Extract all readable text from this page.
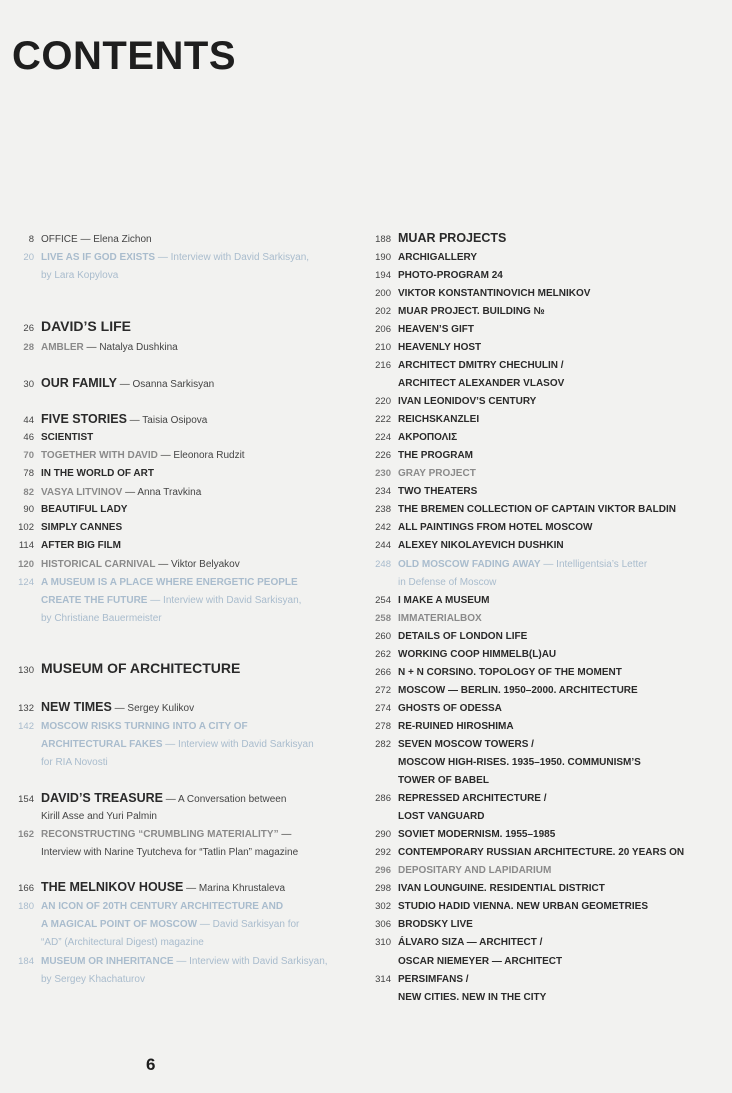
CONTENTS
8 OFFICE — Elena Zichon
20 LIVE AS IF GOD EXISTS — Interview with David Sarkisyan,
by Lara Kopylova
26 DAVID’S LIFE
28 AMBLER — Natalya Dushkina
30 OUR FAMILY — Osanna Sarkisyan
44 FIVE STORIES — Taisia Osipova
46 SCIENTIST
70 TOGETHER WITH DAVID — Eleonora Rudzit
78 IN THE WORLD OF ART
82 VASYA LITVINOV — Anna Travkina
90 BEAUTIFUL LADY
102 SIMPLY CANNES
114 AFTER BIG FILM
120 HISTORICAL CARNIVAL — Viktor Belyakov
124 A MUSEUM IS A PLACE WHERE ENERGETIC PEOPLE
CREATE THE FUTURE — Interview with David Sarkisyan,
by Christiane Bauermeister
130 MUSEUM OF ARCHITECTURE
132 NEW TIMES — Sergey Kulikov
142 MOSCOW RISKS TURNING INTO A CITY OF
ARCHITECTURAL FAKES — Interview with David Sarkisyan
for RIA Novosti
154 DAVID’S TREASURE — A Conversation between
Kirill Asse and Yuri Palmin
162 RECONSTRUCTING “CRUMBLING MATERIALITY” —
Interview with Narine Tyutcheva for “Tatlin Plan” magazine
166 THE MELNIKOV HOUSE — Marina Khrustaleva
180 AN ICON OF 20TH CENTURY ARCHITECTURE AND
A MAGICAL POINT OF MOSCOW — David Sarkisyan for
“AD” (Architectural Digest) magazine
184 MUSEUM OR INHERITANCE — Interview with David Sarkisyan,
by Sergey Khachaturov
188 MUAR PROJECTS
190 ARCHIGALLERY
194 PHOTO-PROGRAM 24
200 VIKTOR KONSTANTINOVICH MELNIKOV
202 MUAR PROJECT. BUILDING №
206 HEAVEN’S GIFT
210 HEAVENLY HOST
216 ARCHITECT DMITRY CHECHULIN /
ARCHITECT ALEXANDER VLASOV
220 IVAN LEONIDOV’S CENTURY
222 REICHSKANZLEI
224 ΑΚΡΟΠΟΛΙΣ
226 THE PROGRAM
230 GRAY PROJECT
234 TWO THEATERS
238 THE BREMEN COLLECTION OF CAPTAIN VIKTOR BALDIN
242 ALL PAINTINGS FROM HOTEL MOSCOW
244 ALEXEY NIKOLAYEVICH DUSHKIN
248 OLD MOSCOW FADING AWAY — Intelligentsia’s Letter
in Defense of Moscow
254 I MAKE A MUSEUM
258 IMMATERIALBOX
260 DETAILS OF LONDON LIFE
262 WORKING COOP HIMMELB(L)AU
266 N + N CORSINO. TOPOLOGY OF THE MOMENT
272 MOSCOW — BERLIN. 1950–2000. ARCHITECTURE
274 GHOSTS OF ODESSA
278 RE-RUINED HIROSHIMA
282 SEVEN MOSCOW TOWERS /
MOSCOW HIGH-RISES. 1935–1950. COMMUNISM’S
TOWER OF BABEL
286 REPRESSED ARCHITECTURE /
LOST VANGUARD
290 SOVIET MODERNISM. 1955–1985
292 CONTEMPORARY RUSSIAN ARCHITECTURE. 20 YEARS ON
296 DEPOSITARY AND LAPIDARIUM
298 IVAN LOUNGUINE. RESIDENTIAL DISTRICT
302 STUDIO HADID VIENNA. NEW URBAN GEOMETRIES
306 BRODSKY LIVE
310 ÁLVARO SIZA — ARCHITECT /
OSCAR NIEMEYER — ARCHITECT
314 PERSIMFANS /
NEW CITIES. NEW IN THE CITY
6
